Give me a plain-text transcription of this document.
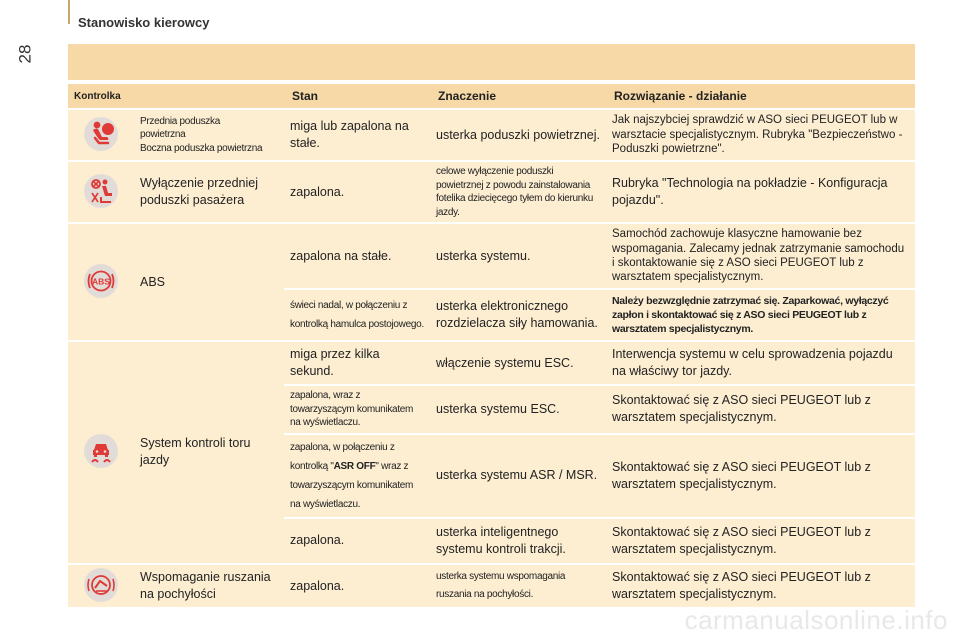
28
Stanowisko kierowcy
Kontrolka		Stan	Znaczenie	Rozwiązanie - działanie

	Przednia poduszka
powietrzna
Boczna poduszka powietrzna	miga lub zapalona na stałe.	usterka poduszki powietrznej.	Jak najszybciej sprawdzić w ASO sieci PEUGEOT lub w warsztacie specjalistycznym. Rubryka "Bezpieczeństwo - Poduszki powietrzne".

	Wyłączenie przedniej poduszki pasażera	zapalona.	celowe wyłączenie poduszki powietrznej z powodu zainstalowania fotelika dziecięcego tyłem do kierunku jazdy.	Rubryka "Technologia na pokładzie - Konfiguracja pojazdu".

ABS	ABS	zapalona na stałe.	usterka systemu.	Samochód zachowuje klasyczne hamowanie bez wspomagania. Zalecamy jednak zatrzymanie samochodu i skontaktowanie się z ASO sieci PEUGEOT lub z warsztatem specjalistycznym.
		świeci nadal, w połączeniu z kontrolką hamulca postojowego.	usterka elektronicznego rozdzielacza siły hamowania.	Należy bezwzględnie zatrzymać się. Zaparkować, wyłączyć zapłon i skontaktować się z ASO sieci PEUGEOT lub z warsztatem specjalistycznym.

	System kontroli toru jazdy	miga przez kilka sekund.	włączenie systemu ESC.	Interwencja systemu w celu sprowadzenia pojazdu na właściwy tor jazdy.
		zapalona, wraz z towarzyszącym komunikatem na wyświetlaczu.	usterka systemu ESC.	Skontaktować się z ASO sieci PEUGEOT lub z warsztatem specjalistycznym.
		zapalona, w połączeniu z kontrolką "ASR OFF" wraz z towarzyszącym komunikatem na wyświetlaczu.	usterka systemu ASR / MSR.	Skontaktować się z ASO sieci PEUGEOT lub z warsztatem specjalistycznym.
		zapalona.	usterka inteligentnego systemu kontroli trakcji.	Skontaktować się z ASO sieci PEUGEOT lub z warsztatem specjalistycznym.

	Wspomaganie ruszania na pochyłości	zapalona.	usterka systemu wspomagania ruszania na pochyłości.	Skontaktować się z ASO sieci PEUGEOT lub z warsztatem specjalistycznym.
carmanualsonline.info
